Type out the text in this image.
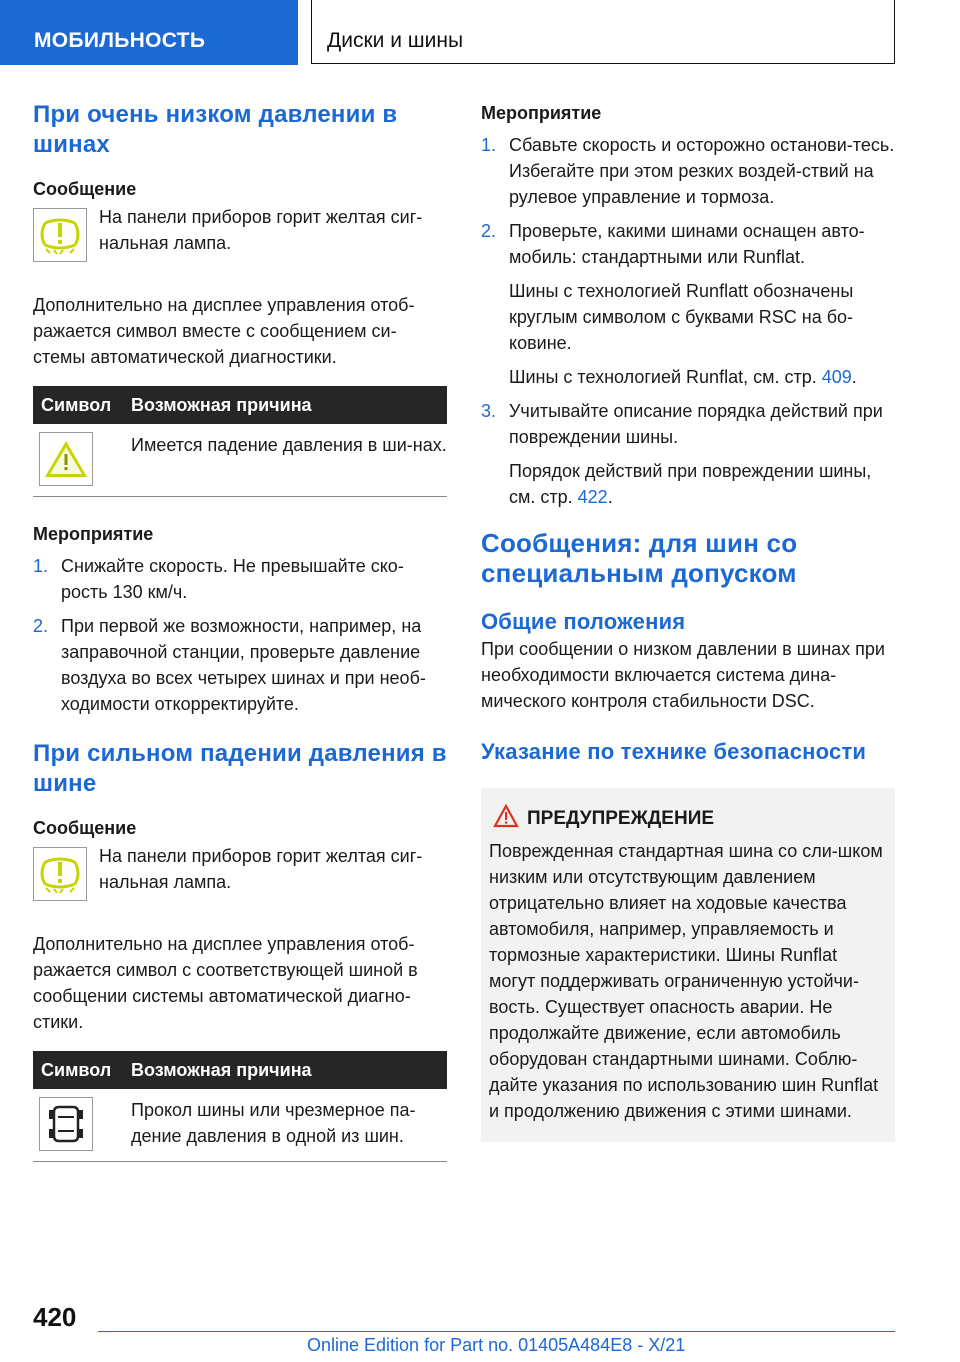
МОБИЛЬНОСТЬ	Диски и шины
При очень низком давлении в шинах
Сообщение
На панели приборов горит желтая сиг-нальная лампа.

Дополнительно на дисплее управления отоб-ражается символ вместе с сообщением си-стемы автоматической диагностики.

Символ	Возможная причина

	Имеется падение давления в ши-нах.
Мероприятие
1. Снижайте скорость. Не превышайте ско-рость 130 км/ч.
2. При первой же возможности, например, на заправочной станции, проверьте давление воздуха во всех четырех шинах и при необ-ходимости откорректируйте.
При сильном падении давления в шине
Сообщение
На панели приборов горит желтая сиг-нальная лампа.

Дополнительно на дисплее управления отоб-ражается символ с соответствующей шиной в сообщении системы автоматической диагно-стики.

Символ	Возможная причина

	Прокол шины или чрезмерное па-дение давления в одной из шин.
Мероприятие
1. Сбавьте скорость и осторожно останови-тесь. Избегайте при этом резких воздей-ствий на рулевое управление и тормоза.
2. Проверьте, какими шинами оснащен авто-мобиль: стандартными или Runflat.
Шины с технологией Runflatt обозначены круглым символом с буквами RSC на бо-ковине.
Шины с технологией Runflat, см. стр. 409.
3. Учитывайте описание порядка действий при повреждении шины.
Порядок действий при повреждении шины, см. стр. 422.
Сообщения: для шин со специальным допуском
Общие положения

При сообщении о низком давлении в шинах при необходимости включается система дина-мического контроля стабильности DSC.

Указание по технике безопасности
ПРЕДУПРЕЖДЕНИЕ

Поврежденная стандартная шина со сли-шком низким или отсутствующим давлением отрицательно влияет на ходовые качества автомобиля, например, управляемость и тормозные характеристики. Шины Runflat могут поддерживать ограниченную устойчи-вость. Существует опасность аварии. Не продолжайте движение, если автомобиль оборудован стандартными шинами. Соблю-дайте указания по использованию шин Runflat и продолжению движения с этими шинами.

420
Online Edition for Part no. 01405A484E8 - X/21
